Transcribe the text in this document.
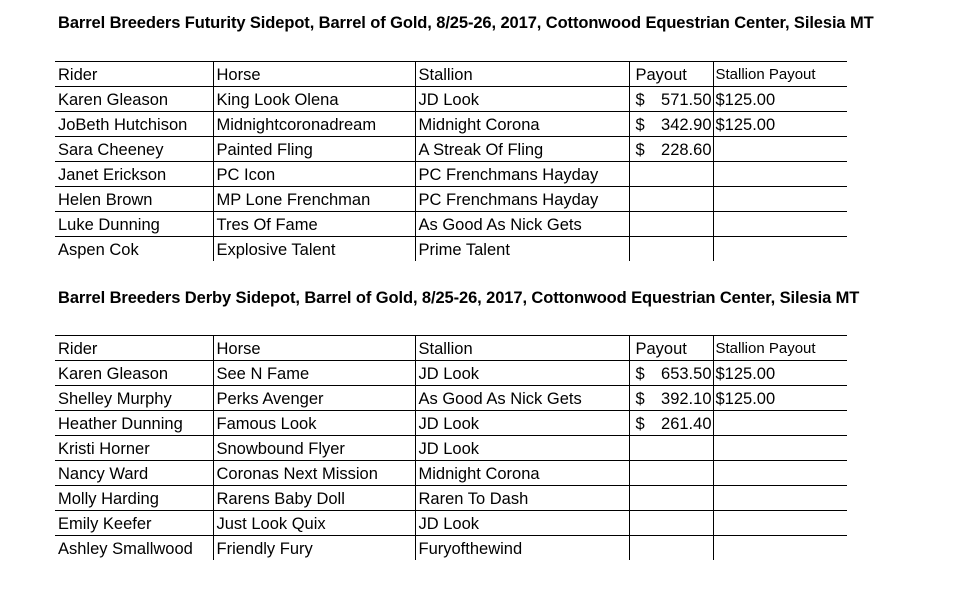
Barrel Breeders Futurity Sidepot, Barrel of Gold, 8/25-26, 2017, Cottonwood Equestrian Center, Silesia MT
Rider	Horse	Stallion	Payout	Stallion Payout
Karen Gleason	King Look Olena	JD Look	$ 571.50	$125.00
JoBeth Hutchison	Midnightcoronadream	Midnight Corona	$ 342.90	$125.00
Sara Cheeney	Painted Fling	A Streak Of Fling	$ 228.60	
Janet Erickson	PC Icon	PC Frenchmans Hayday		
Helen Brown	MP Lone Frenchman	PC Frenchmans Hayday		
Luke Dunning	Tres Of Fame	As Good As Nick Gets		
Aspen Cok	Explosive Talent	Prime Talent		
Barrel Breeders Derby Sidepot, Barrel of Gold, 8/25-26, 2017, Cottonwood Equestrian Center, Silesia MT
Rider	Horse	Stallion	Payout	Stallion Payout
Karen Gleason	See N Fame	JD Look	$ 653.50	$125.00
Shelley Murphy	Perks Avenger	As Good As Nick Gets	$ 392.10	$125.00
Heather Dunning	Famous Look	JD Look	$ 261.40	
Kristi Horner	Snowbound Flyer	JD Look		
Nancy Ward	Coronas Next Mission	Midnight Corona		
Molly Harding	Rarens Baby Doll	Raren To Dash		
Emily Keefer	Just Look Quix	JD Look		
Ashley Smallwood	Friendly Fury	Furyofthewind		
